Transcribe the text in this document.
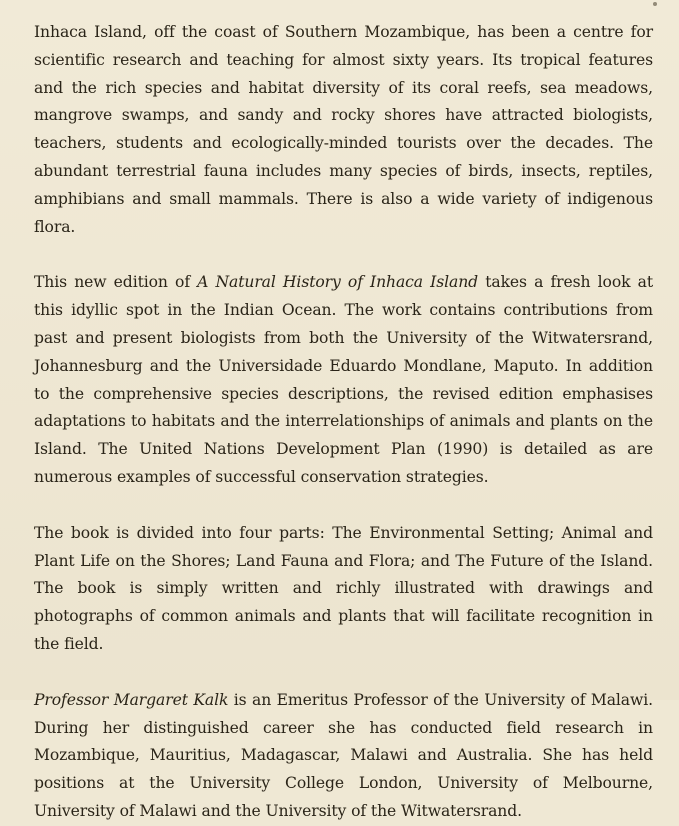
Inhaca Island, off the coast of Southern Mozambique, has been a centre for scientific research and teaching for almost sixty years. Its tropical features and the rich species and habitat diversity of its coral reefs, sea meadows, mangrove swamps, and sandy and rocky shores have attracted biologists, teachers, students and ecologically-minded tourists over the decades. The abundant terrestrial fauna includes many species of birds, insects, reptiles, amphibians and small mammals. There is also a wide variety of indigenous flora.

This new edition of A Natural History of Inhaca Island takes a fresh look at this idyllic spot in the Indian Ocean. The work contains contributions from past and present biologists from both the University of the Witwatersrand, Johannesburg and the Universidade Eduardo Mondlane, Maputo. In addition to the comprehensive species descriptions, the revised edition emphasises adaptations to habitats and the interrelationships of animals and plants on the Island. The United Nations Development Plan (1990) is detailed as are numerous examples of successful conservation strategies.

The book is divided into four parts: The Environmental Setting; Animal and Plant Life on the Shores; Land Fauna and Flora; and The Future of the Island. The book is simply written and richly illustrated with drawings and photographs of common animals and plants that will facilitate recognition in the field.

Professor Margaret Kalk is an Emeritus Professor of the University of Malawi. During her distinguished career she has conducted field research in Mozambique, Mauritius, Madagascar, Malawi and Australia. She has held positions at the University College London, University of Melbourne, University of Malawi and the University of the Witwatersrand.
